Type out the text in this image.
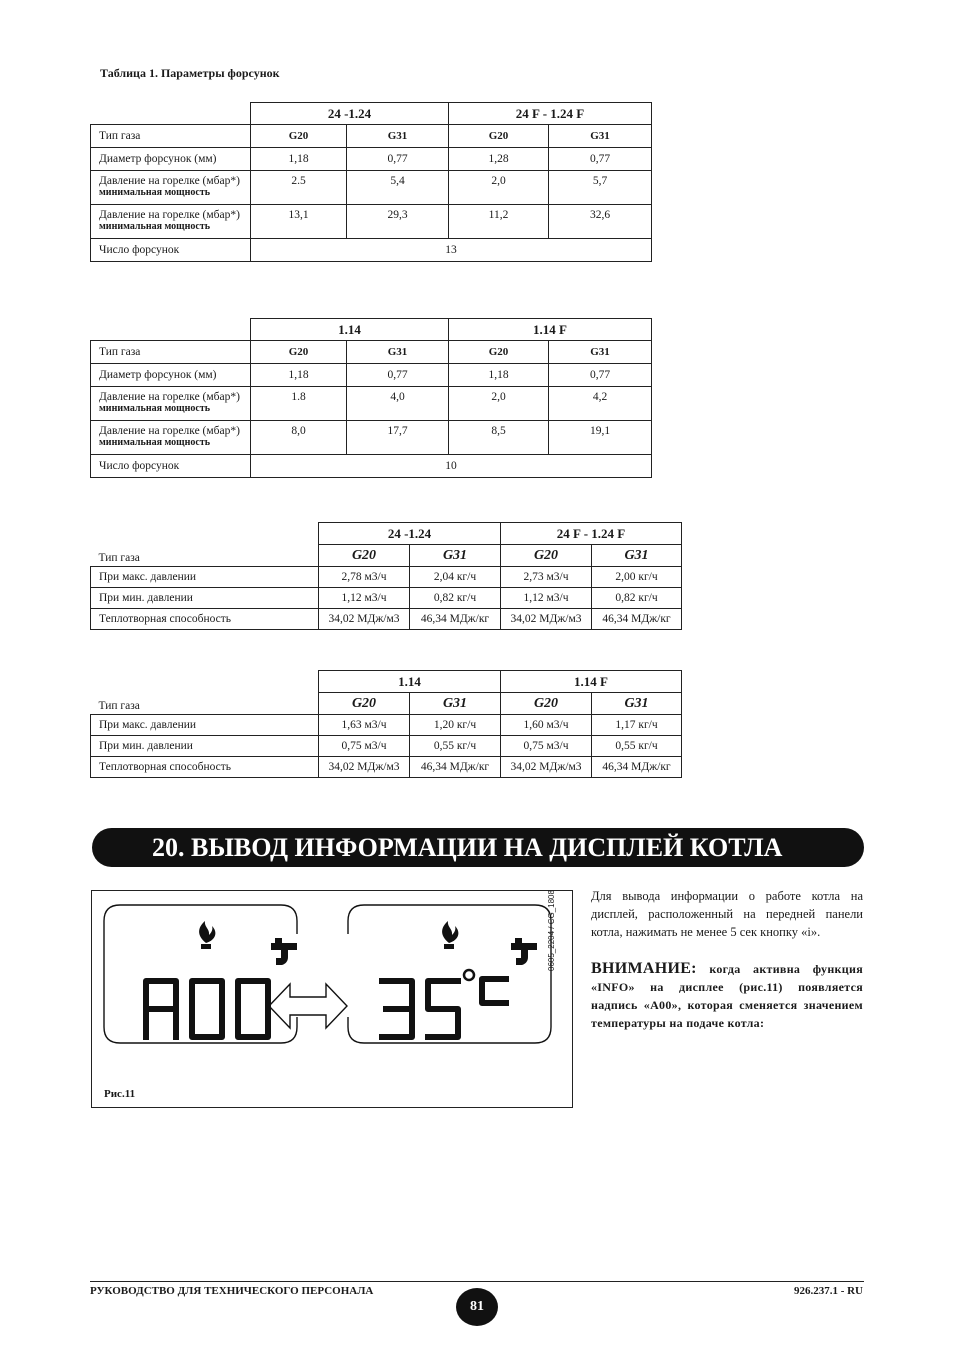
Таблица 1. Параметры форсунок
	24 -1.24		24 F - 1.24 F	
Тип газа	G20	G31	G20	G31
Диаметр форсунок (мм)	1,18	0,77	1,28	0,77
Давление на горелке (мбар*)
минимальная мощность	2.5	5,4	2,0	5,7
Давление на горелке (мбар*)
минимальная мощность	13,1	29,3	11,2	32,6
Число форсунок	13			
	1.14		1.14 F	
Тип газа	G20	G31	G20	G31
Диаметр форсунок (мм)	1,18	0,77	1,18	0,77
Давление на горелке (мбар*)
минимальная мощность	1.8	4,0	2,0	4,2
Давление на горелке (мбар*)
минимальная мощность	8,0	17,7	8,5	19,1
Число форсунок	10			
	24 -1.24		24 F - 1.24 F	
Тип газа	G20	G31	G20	G31
При макс. давлении	2,78 м3/ч	2,04 кг/ч	2,73 м3/ч	2,00 кг/ч
При мин. давлении	1,12 м3/ч	0,82 кг/ч	1,12 м3/ч	0,82 кг/ч
Теплотворная способность	34,02 МДж/м3	46,34 МДж/кг	34,02 МДж/м3	46,34 МДж/кг
	1.14		1.14 F	
Тип газа	G20	G31	G20	G31
При макс. давлении	1,63 м3/ч	1,20 кг/ч	1,60 м3/ч	1,17 кг/ч
При мин. давлении	0,75 м3/ч	0,55 кг/ч	0,75 м3/ч	0,55 кг/ч
Теплотворная способность	34,02 МДж/м3	46,34 МДж/кг	34,02 МДж/м3	46,34 МДж/кг
20. ВЫВОД ИНФОРМАЦИИ НА ДИСПЛЕЙ КОТЛА
0605_2204 / CG_1808
Рис.11
Для вывода информации о работе котла на дисплей, расположенный на передней панели котла, нажимать не менее 5 сек кнопку «i».
ВНИМАНИЕ: когда активна функция «INFO» на дисплее (рис.11) появляется надпись «A00», которая сменяется значением температуры на подаче котла:
РУКОВОДСТВО ДЛЯ ТЕХНИЧЕСКОГО ПЕРСОНАЛА
81
926.237.1 - RU
